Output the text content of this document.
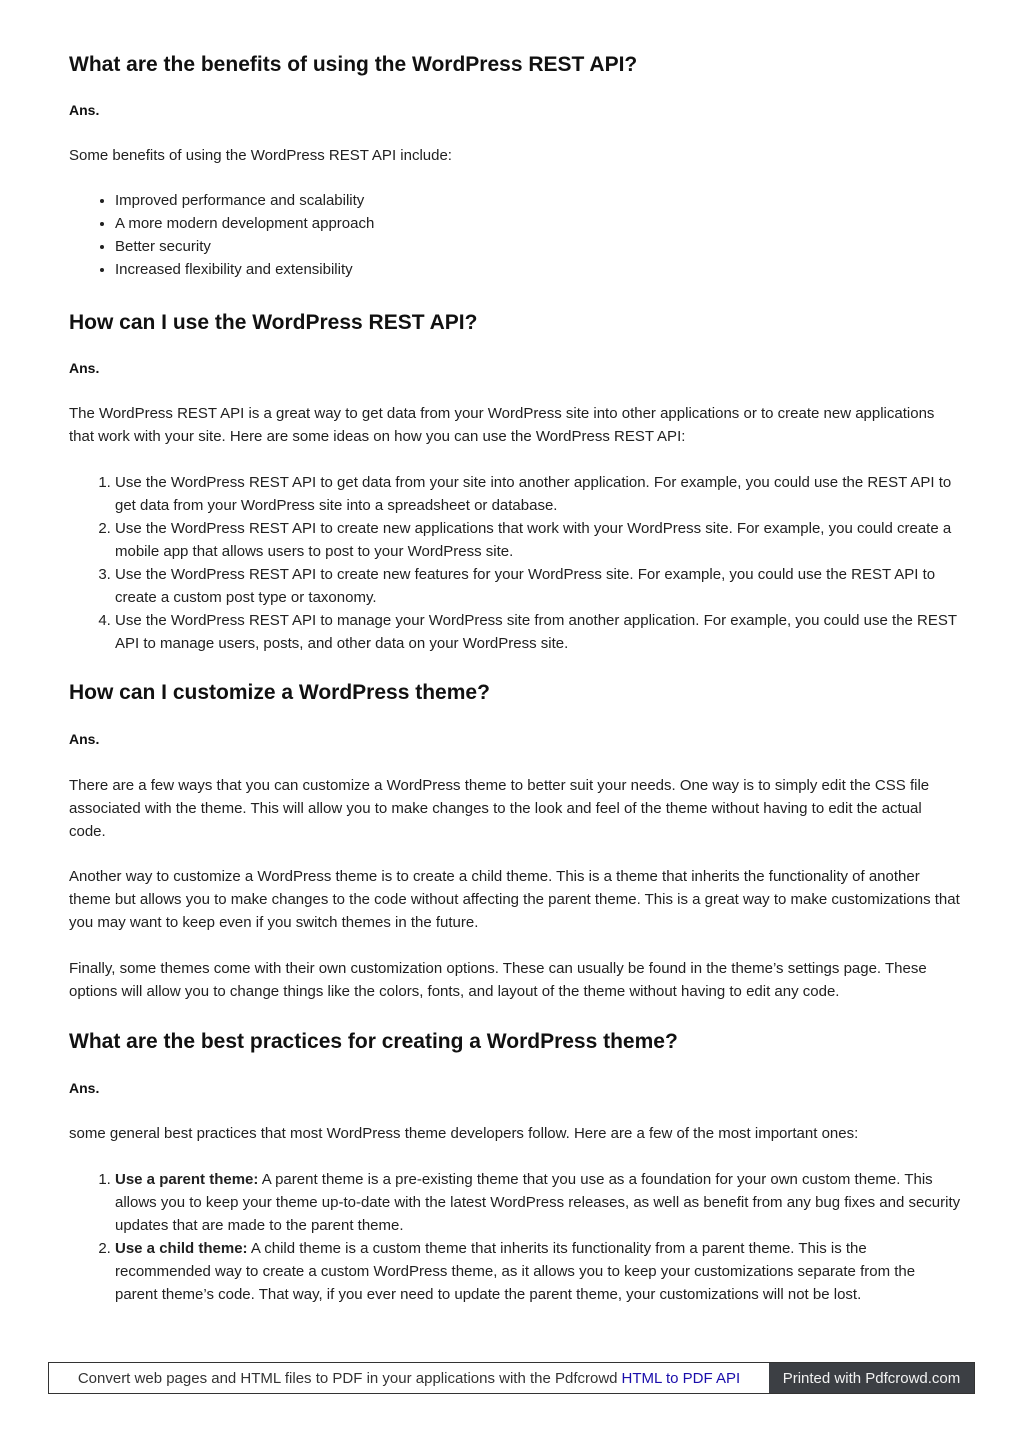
What are the benefits of using the WordPress REST API?
Ans.

Some benefits of using the WordPress REST API include:

• Improved performance and scalability
• A more modern development approach
• Better security
• Increased flexibility and extensibility
How can I use the WordPress REST API?
Ans.

The WordPress REST API is a great way to get data from your WordPress site into other applications or to create new applications that work with your site. Here are some ideas on how you can use the WordPress REST API:

1. Use the WordPress REST API to get data from your site into another application. For example, you could use the REST API to get data from your WordPress site into a spreadsheet or database.
2. Use the WordPress REST API to create new applications that work with your WordPress site. For example, you could create a mobile app that allows users to post to your WordPress site.
3. Use the WordPress REST API to create new features for your WordPress site. For example, you could use the REST API to create a custom post type or taxonomy.
4. Use the WordPress REST API to manage your WordPress site from another application. For example, you could use the REST API to manage users, posts, and other data on your WordPress site.
How can I customize a WordPress theme?
Ans.

There are a few ways that you can customize a WordPress theme to better suit your needs. One way is to simply edit the CSS file associated with the theme. This will allow you to make changes to the look and feel of the theme without having to edit the actual code.

Another way to customize a WordPress theme is to create a child theme. This is a theme that inherits the functionality of another theme but allows you to make changes to the code without affecting the parent theme. This is a great way to make customizations that you may want to keep even if you switch themes in the future.

Finally, some themes come with their own customization options. These can usually be found in the theme’s settings page. These options will allow you to change things like the colors, fonts, and layout of the theme without having to edit any code.

What are the best practices for creating a WordPress theme?
Ans.

some general best practices that most WordPress theme developers follow. Here are a few of the most important ones:

1. Use a parent theme: A parent theme is a pre-existing theme that you use as a foundation for your own custom theme. This allows you to keep your theme up-to-date with the latest WordPress releases, as well as benefit from any bug fixes and security updates that are made to the parent theme.
2. Use a child theme: A child theme is a custom theme that inherits its functionality from a parent theme. This is the recommended way to create a custom WordPress theme, as it allows you to keep your customizations separate from the parent theme’s code. That way, if you ever need to update the parent theme, your customizations will not be lost.
Convert web pages and HTML files to PDF in your applications with the Pdfcrowd HTML to PDF API	Printed with Pdfcrowd.com
